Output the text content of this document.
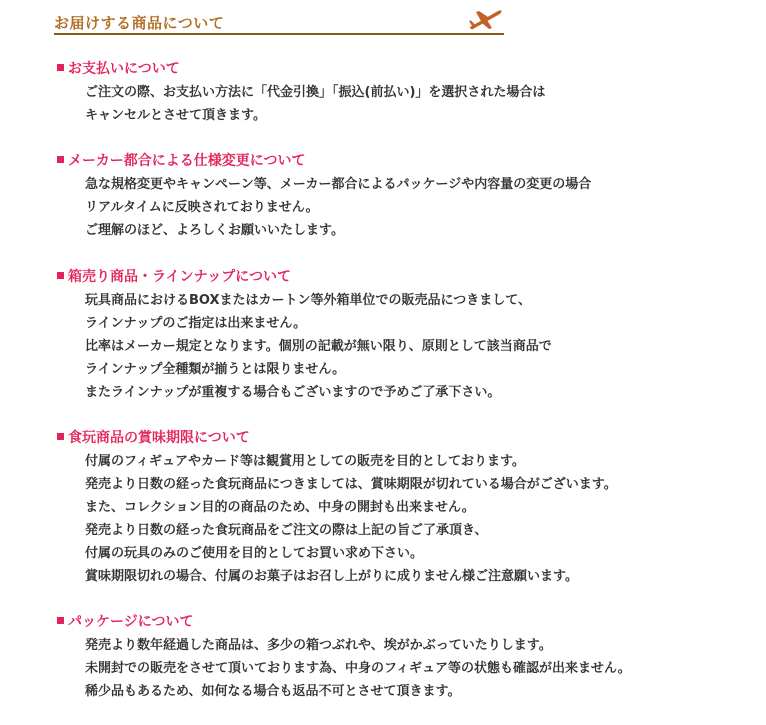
お届けする商品について
お支払いについて
ご注文の際、お支払い方法に「代金引換」「振込(前払い)」を選択された場合は
キャンセルとさせて頂きます。
メーカー都合による仕様変更について
急な規格変更やキャンペーン等、メーカー都合によるパッケージや内容量の変更の場合
リアルタイムに反映されておりません。
ご理解のほど、よろしくお願いいたします。
箱売り商品・ラインナップについて
玩具商品におけるBOXまたはカートン等外箱単位での販売品につきまして、
ラインナップのご指定は出来ません。
比率はメーカー規定となります。個別の記載が無い限り、原則として該当商品で
ラインナップ全種類が揃うとは限りません。
またラインナップが重複する場合もございますので予めご了承下さい。
食玩商品の賞味期限について
付属のフィギュアやカード等は観賞用としての販売を目的としております。
発売より日数の経った食玩商品につきましては、賞味期限が切れている場合がございます。
また、コレクション目的の商品のため、中身の開封も出来ません。
発売より日数の経った食玩商品をご注文の際は上記の旨ご了承頂き、
付属の玩具のみのご使用を目的としてお買い求め下さい。
賞味期限切れの場合、付属のお菓子はお召し上がりに成りません様ご注意願います。
パッケージについて
発売より数年経過した商品は、多少の箱つぶれや、埃がかぶっていたりします。
未開封での販売をさせて頂いております為、中身のフィギュア等の状態も確認が出来ません。
稀少品もあるため、如何なる場合も返品不可とさせて頂きます。
